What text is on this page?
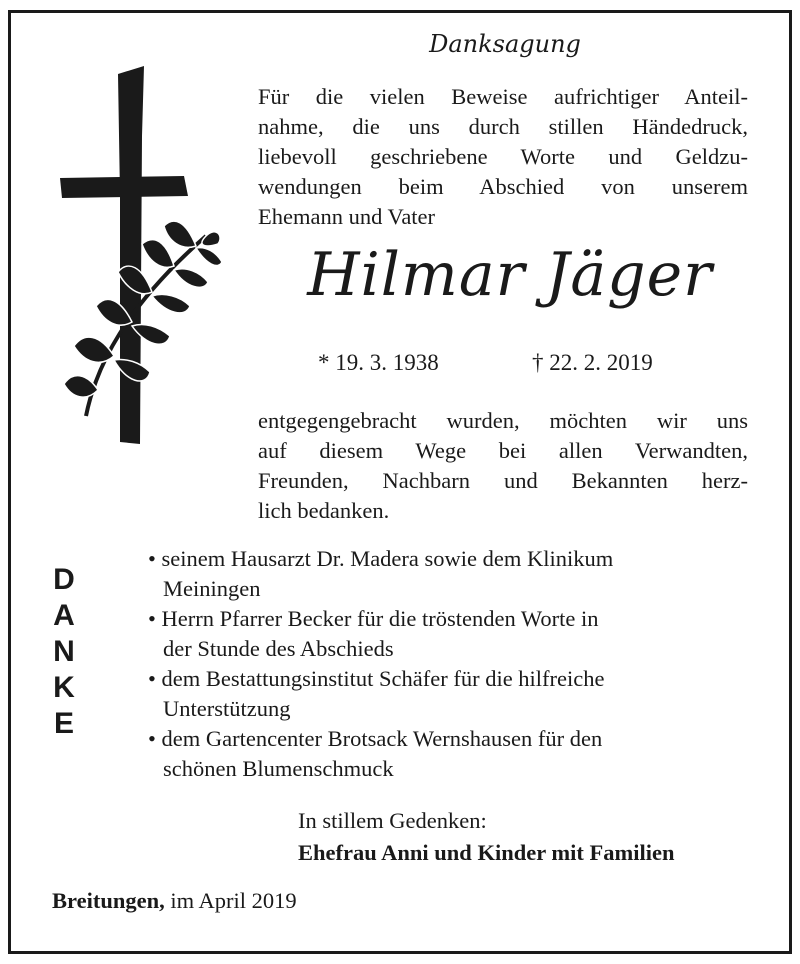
Danksagung
Für die vielen Beweise aufrichtiger Anteil-
nahme, die uns durch stillen Händedruck,
liebevoll geschriebene Worte und Geldzu-
wendungen beim Abschied von unserem
Ehemann und Vater
Hilmar Jäger
* 19. 3. 1938	† 22. 2. 2019
entgegengebracht wurden, möchten wir uns
auf diesem Wege bei allen Verwandten,
Freunden, Nachbarn und Bekannten herz-
lich bedanken.
D
A
N
K
E
• seinem Hausarzt Dr. Madera sowie dem Klinikum
Meiningen
• Herrn Pfarrer Becker für die tröstenden Worte in
der Stunde des Abschieds
• dem Bestattungsinstitut Schäfer für die hilfreiche
Unterstützung
• dem Gartencenter Brotsack Wernshausen für den
schönen Blumenschmuck
In stillem Gedenken:
Ehefrau Anni und Kinder mit Familien
Breitungen, im April 2019
